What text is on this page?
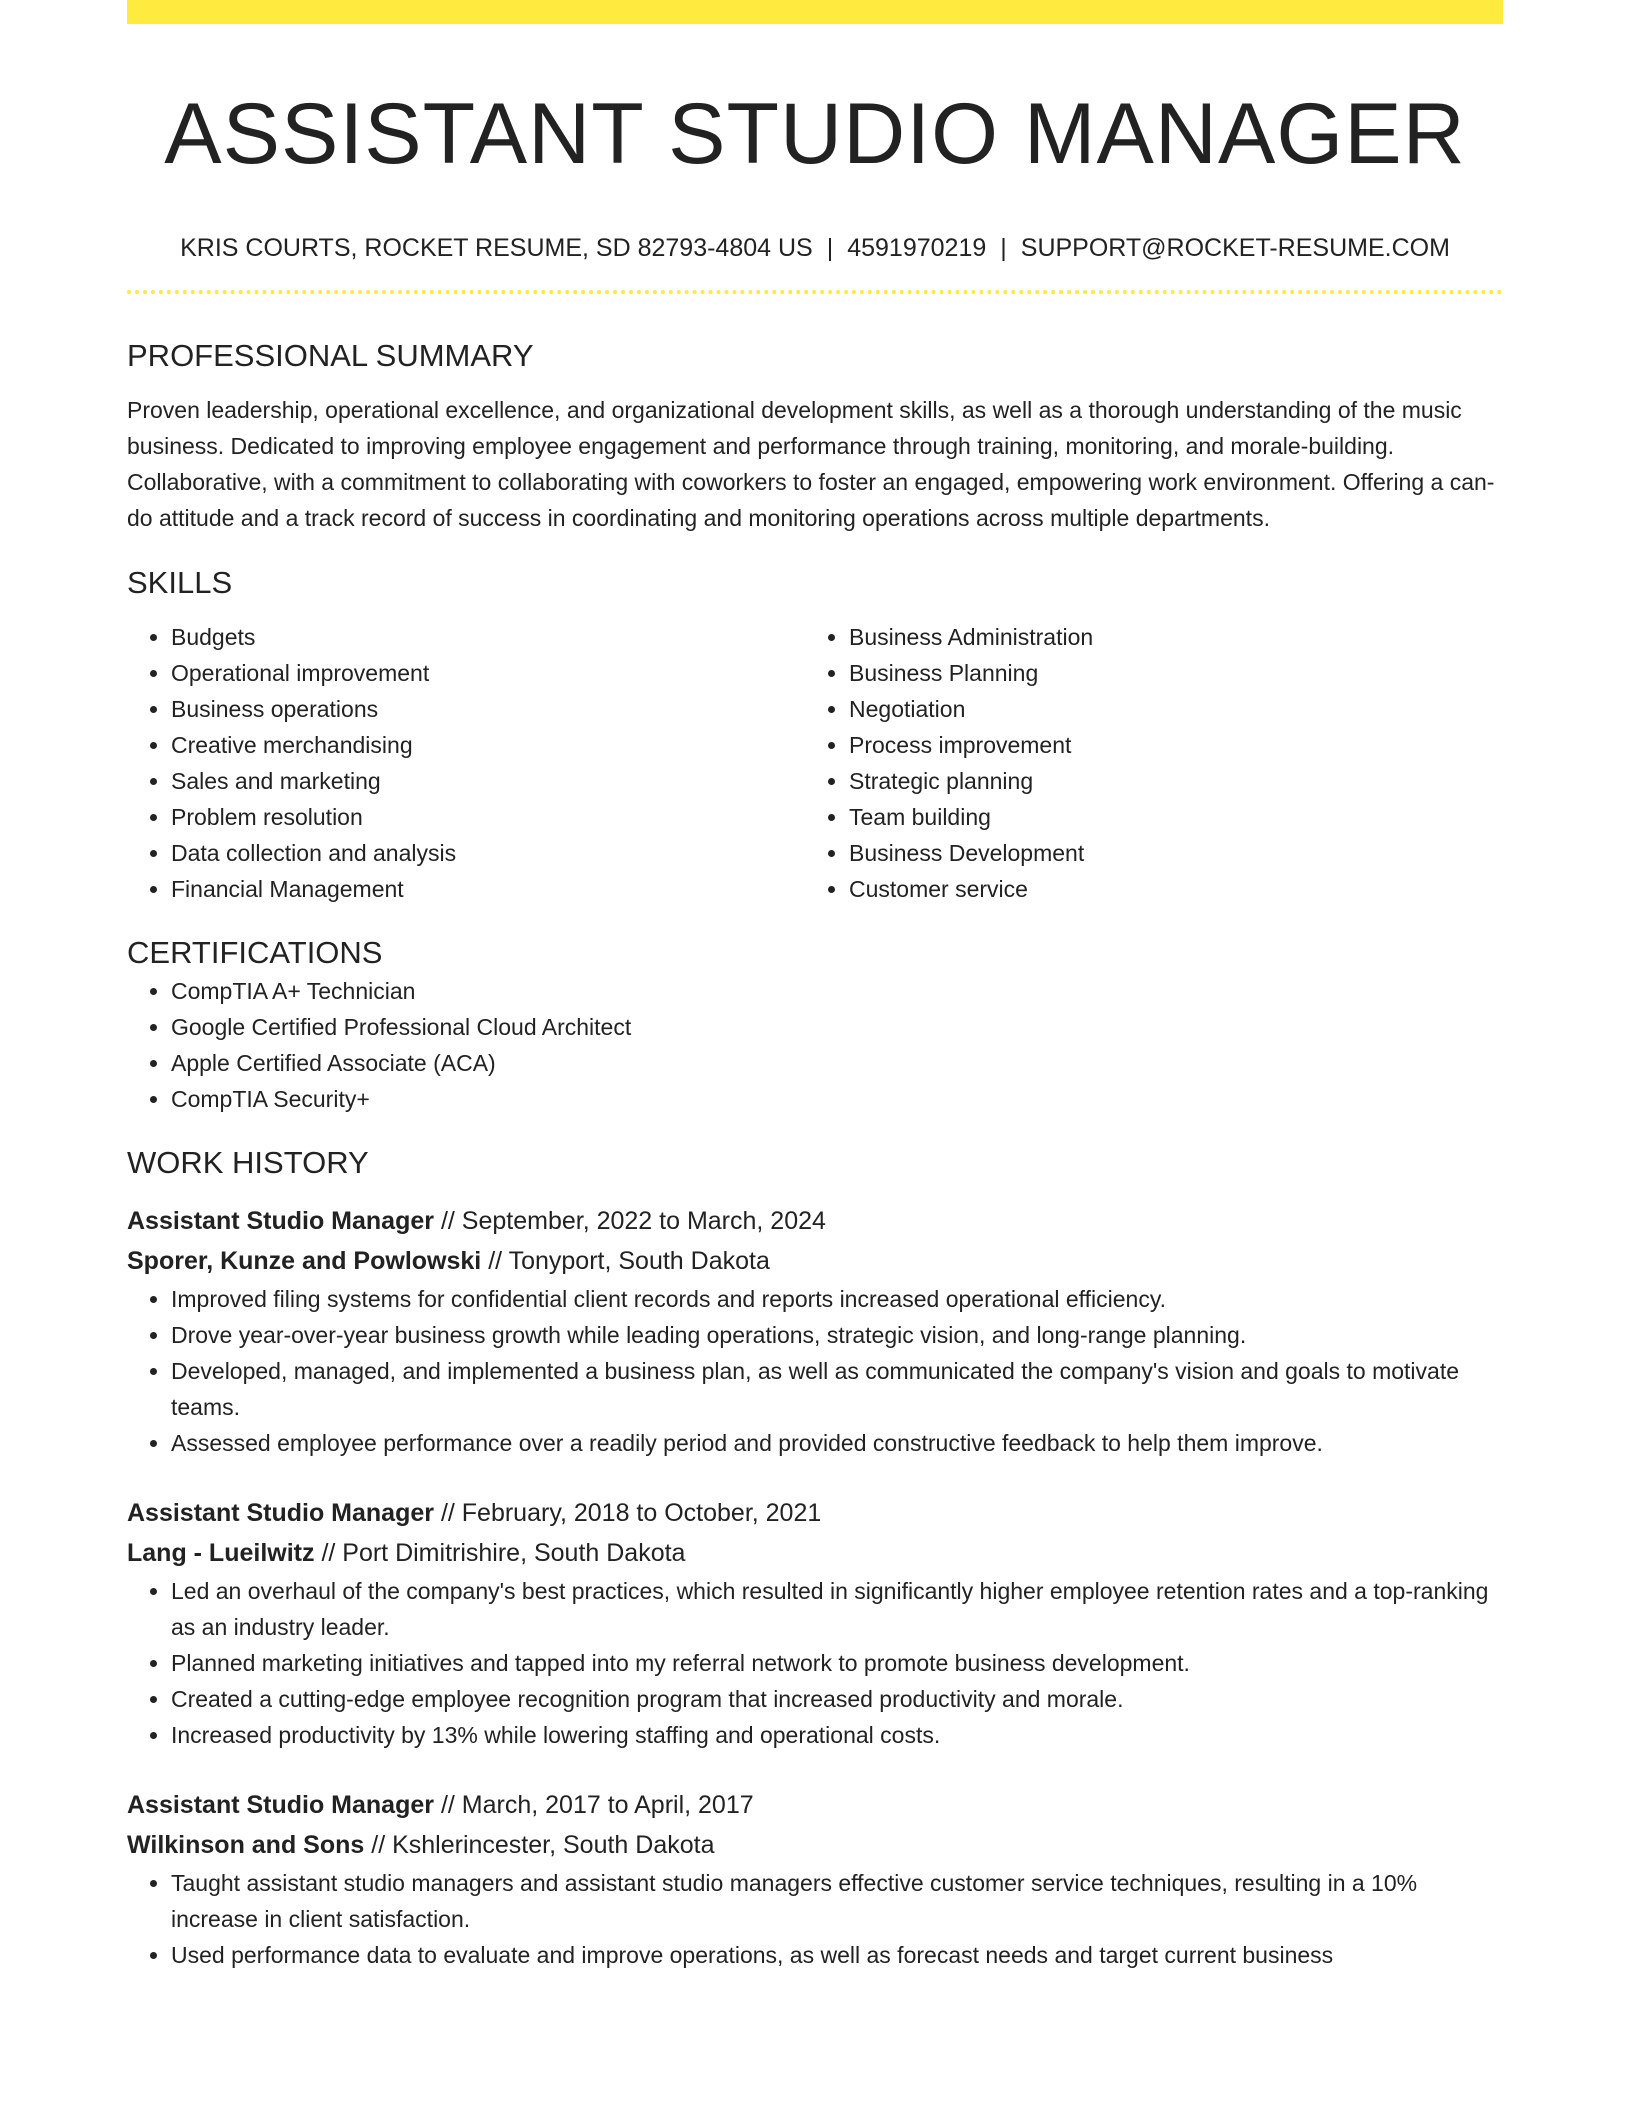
ASSISTANT STUDIO MANAGER
KRIS COURTS, ROCKET RESUME, SD 82793-4804 US | 4591970219 | SUPPORT@ROCKET-RESUME.COM
PROFESSIONAL SUMMARY
Proven leadership, operational excellence, and organizational development skills, as well as a thorough understanding of the music business. Dedicated to improving employee engagement and performance through training, monitoring, and morale-building. Collaborative, with a commitment to collaborating with coworkers to foster an engaged, empowering work environment. Offering a can-do attitude and a track record of success in coordinating and monitoring operations across multiple departments.
SKILLS
• Budgets
• Operational improvement
• Business operations
• Creative merchandising
• Sales and marketing
• Problem resolution
• Data collection and analysis
• Financial Management
• Business Administration
• Business Planning
• Negotiation
• Process improvement
• Strategic planning
• Team building
• Business Development
• Customer service
CERTIFICATIONS
• CompTIA A+ Technician
• Google Certified Professional Cloud Architect
• Apple Certified Associate (ACA)
• CompTIA Security+
WORK HISTORY
Assistant Studio Manager // September, 2022 to March, 2024
Sporer, Kunze and Powlowski // Tonyport, South Dakota
• Improved filing systems for confidential client records and reports increased operational efficiency.
• Drove year-over-year business growth while leading operations, strategic vision, and long-range planning.
• Developed, managed, and implemented a business plan, as well as communicated the company's vision and goals to motivate teams.
• Assessed employee performance over a readily period and provided constructive feedback to help them improve.
Assistant Studio Manager // February, 2018 to October, 2021
Lang - Lueilwitz // Port Dimitrishire, South Dakota
• Led an overhaul of the company's best practices, which resulted in significantly higher employee retention rates and a top-ranking as an industry leader.
• Planned marketing initiatives and tapped into my referral network to promote business development.
• Created a cutting-edge employee recognition program that increased productivity and morale.
• Increased productivity by 13% while lowering staffing and operational costs.
Assistant Studio Manager // March, 2017 to April, 2017
Wilkinson and Sons // Kshlerincester, South Dakota
• Taught assistant studio managers and assistant studio managers effective customer service techniques, resulting in a 10% increase in client satisfaction.
• Used performance data to evaluate and improve operations, as well as forecast needs and target current business
